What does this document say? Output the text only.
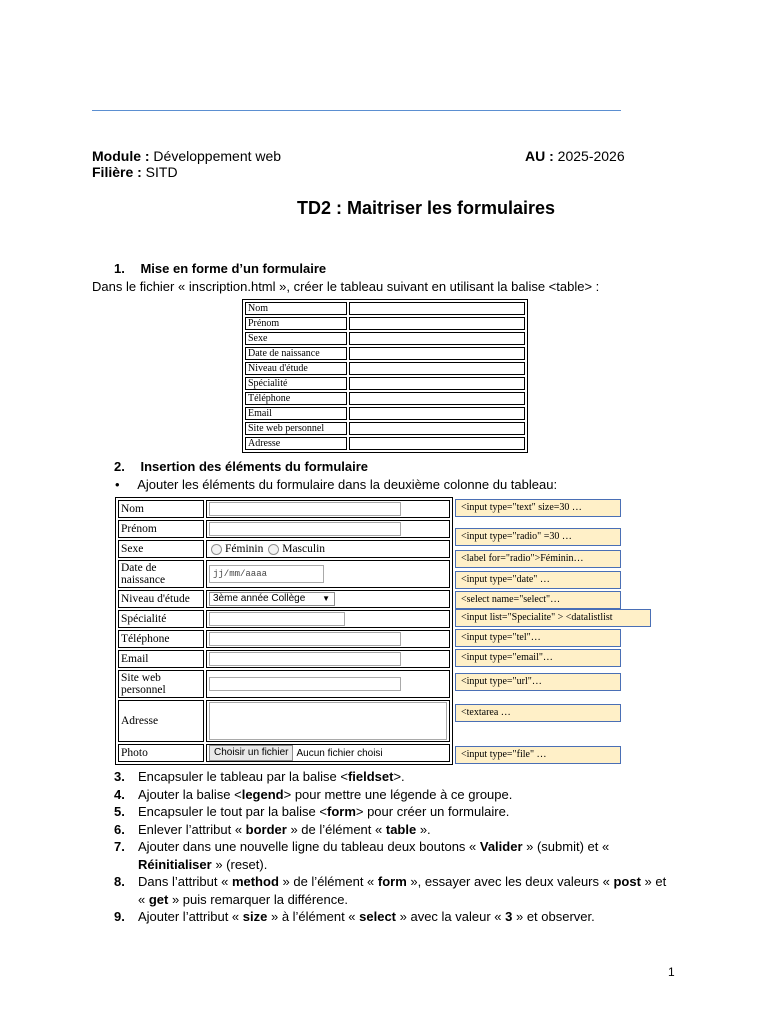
Module : Développement web
Filière : SITD
AU : 2025-2026
TD2 : Maitriser les formulaires
1. Mise en forme d’un formulaire
Dans le fichier « inscription.html », créer le tableau suivant en utilisant la balise <table> :
Nom	
Prénom	
Sexe	
Date de naissance	
Niveau d'étude	
Spécialité	
Téléphone	
Email	
Site web personnel	
Adresse	
2. Insertion des éléments du formulaire
• Ajouter les éléments du formulaire dans la deuxième colonne du tableau:
Nom	
Prénom	
Sexe	Féminin Masculin
Date de naissance	jj/mm/aaaa
Niveau d'étude	3ème année Collège ▼

Spécialité	
Téléphone	
Email	
Site web personnel	
Adresse	
Photo	Choisir un fichier Aucun fichier choisi
<input type="text" size=30 …
<input type="radio" =30 …
<label for="radio">Féminin…
<input type="date" …
<select name="select"…
<input list="Specialite" > <datalistlist
<input type="tel"…
<input type="email"…
<input type="url"…
<textarea …
<input type="file" …
3. Encapsuler le tableau par la balise <fieldset>.
4. Ajouter la balise <legend> pour mettre une légende à ce groupe.
5. Encapsuler le tout par la balise <form> pour créer un formulaire.
6. Enlever l’attribut « border » de l’élément « table ».
7. Ajouter dans une nouvelle ligne du tableau deux boutons « Valider » (submit) et « Réinitialiser » (reset).
8. Dans l’attribut « method » de l’élément « form », essayer avec les deux valeurs « post » et « get » puis remarquer la différence.
9. Ajouter l’attribut « size » à l’élément « select » avec la valeur « 3 » et observer.
1
